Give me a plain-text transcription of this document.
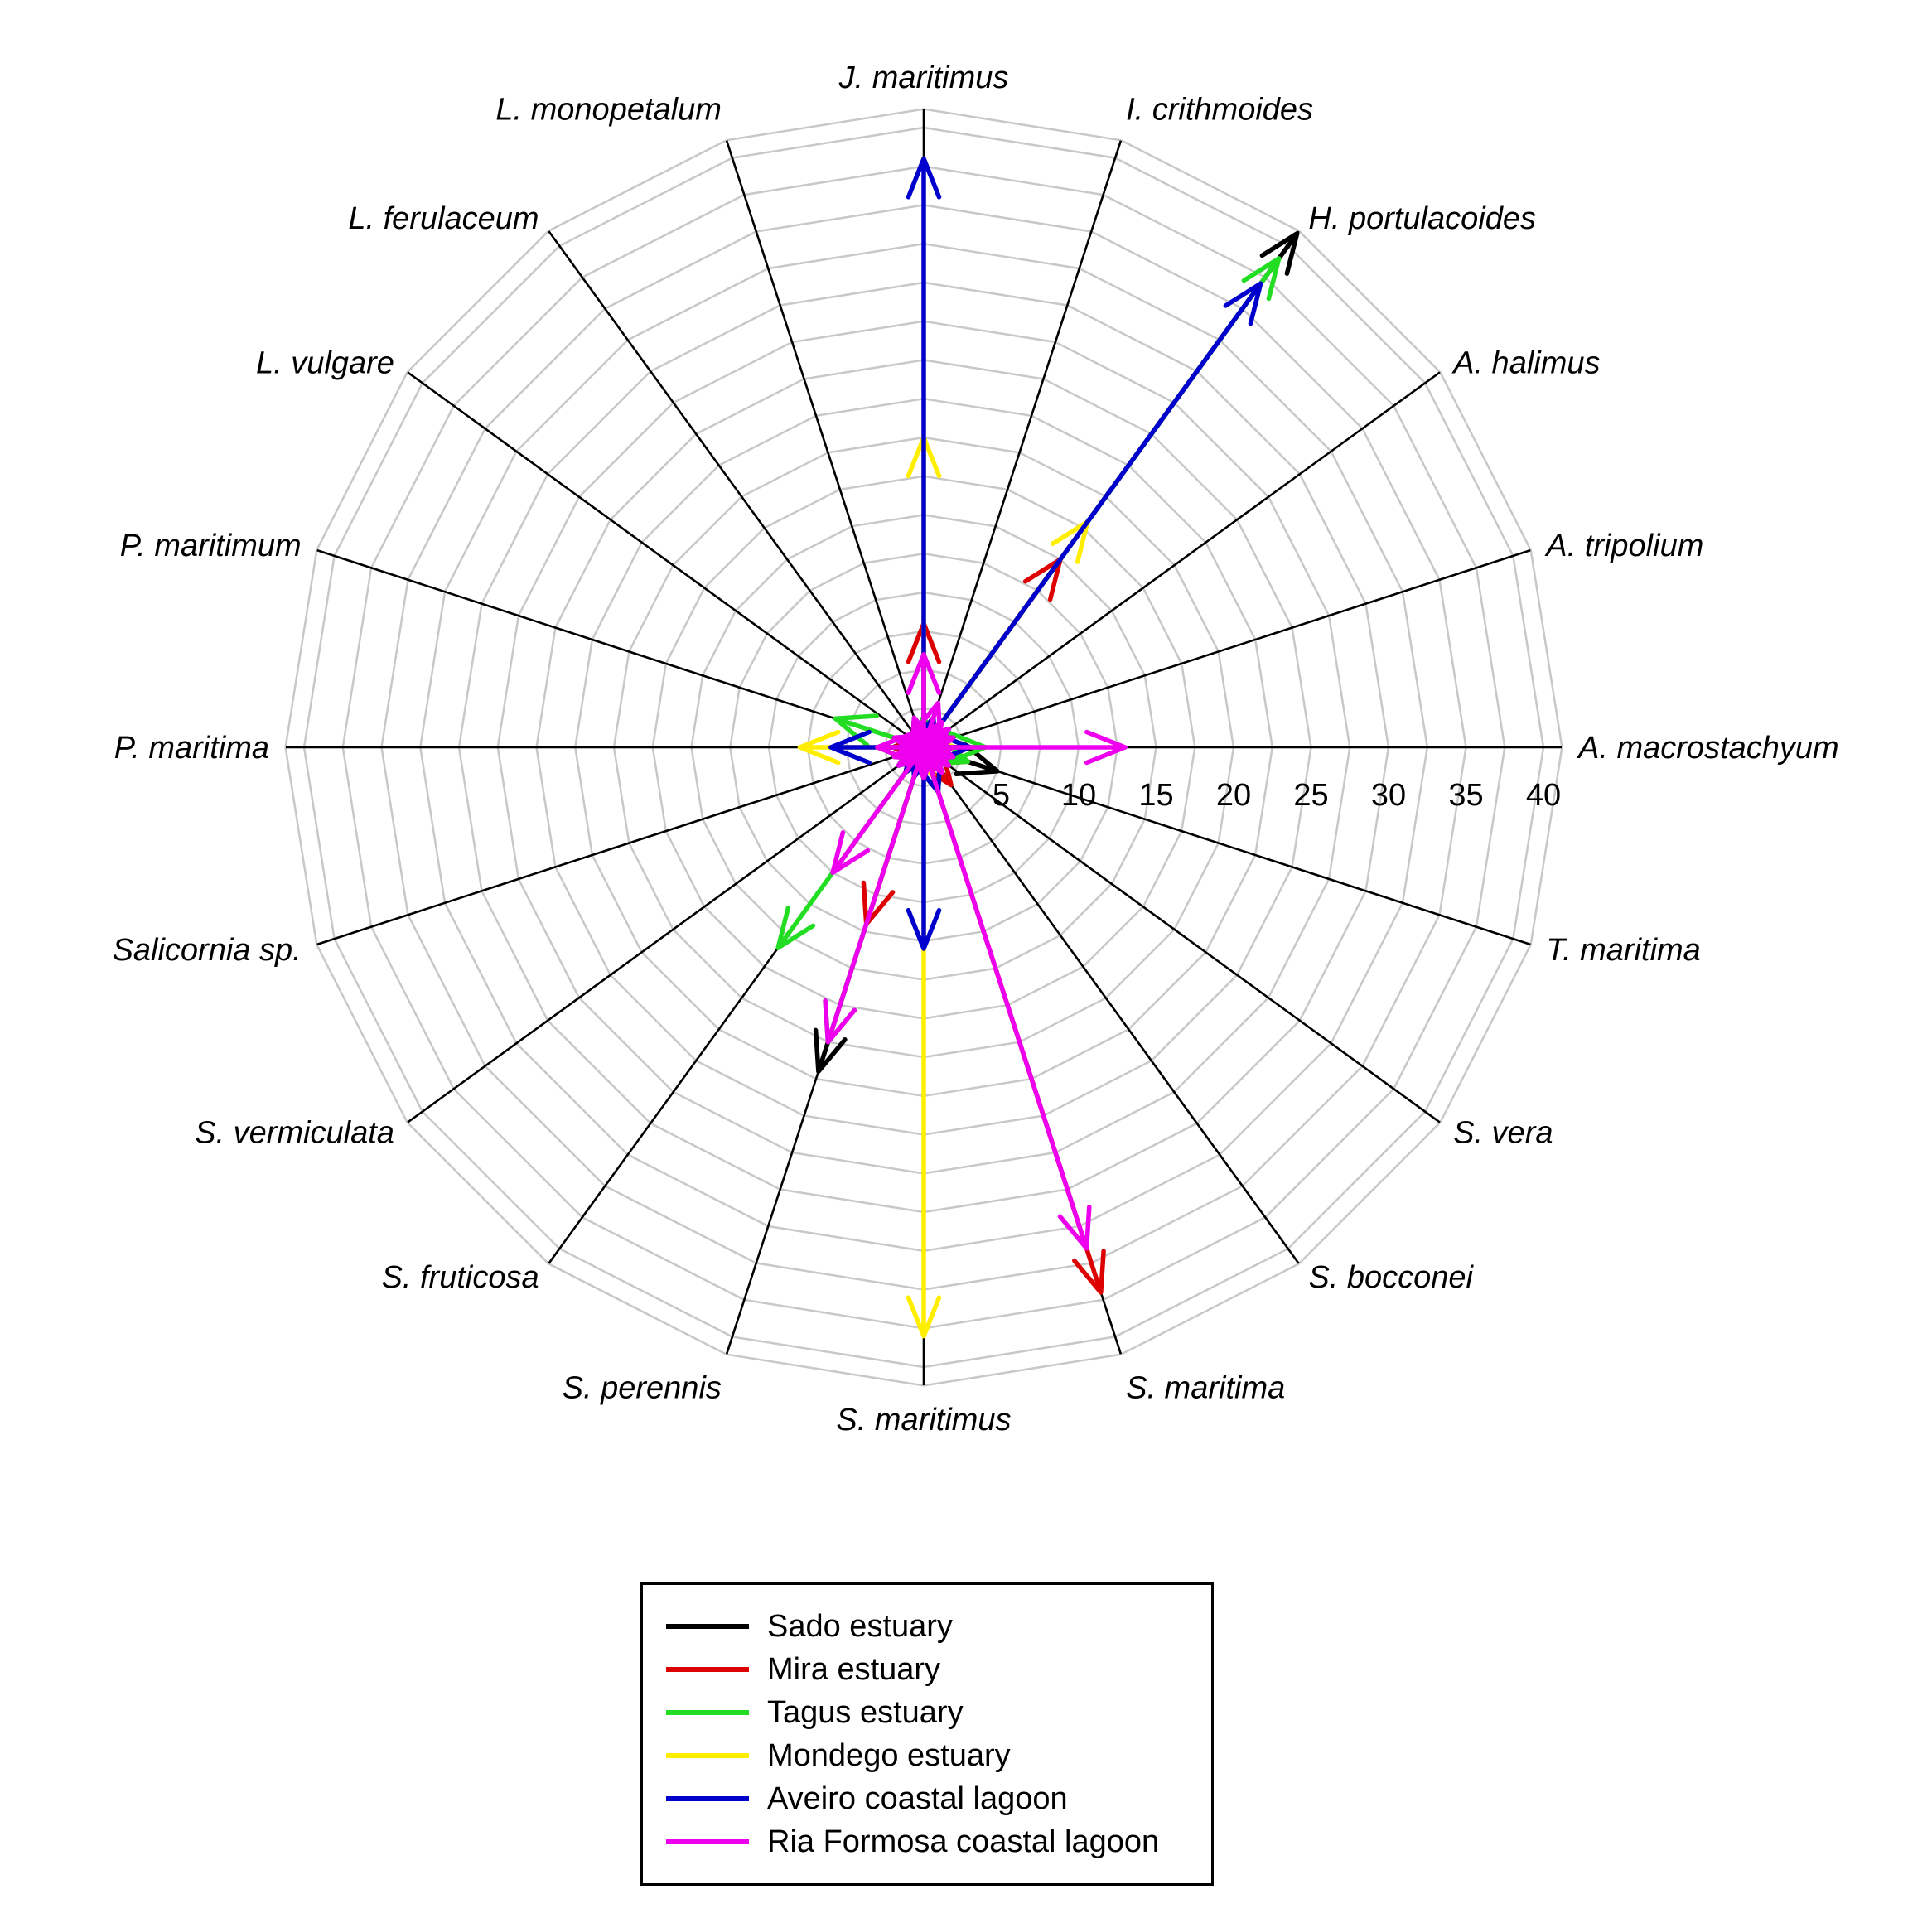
5 10 15 20 25 30 35 40
A. macrostachyum
A. tripolium
A. halimus
H. portulacoides
I. crithmoides
J. maritimus
L. monopetalum
L. ferulaceum
L. vulgare
P. maritimum
P. maritima
Salicornia sp.
S. vermiculata
S. fruticosa
S. perennis
S. maritimus
S. maritima
S. bocconei
S. vera
T. maritima
Sado estuary
Mira estuary
Tagus estuary
Mondego estuary
Aveiro coastal lagoon
Ria Formosa coastal lagoon
